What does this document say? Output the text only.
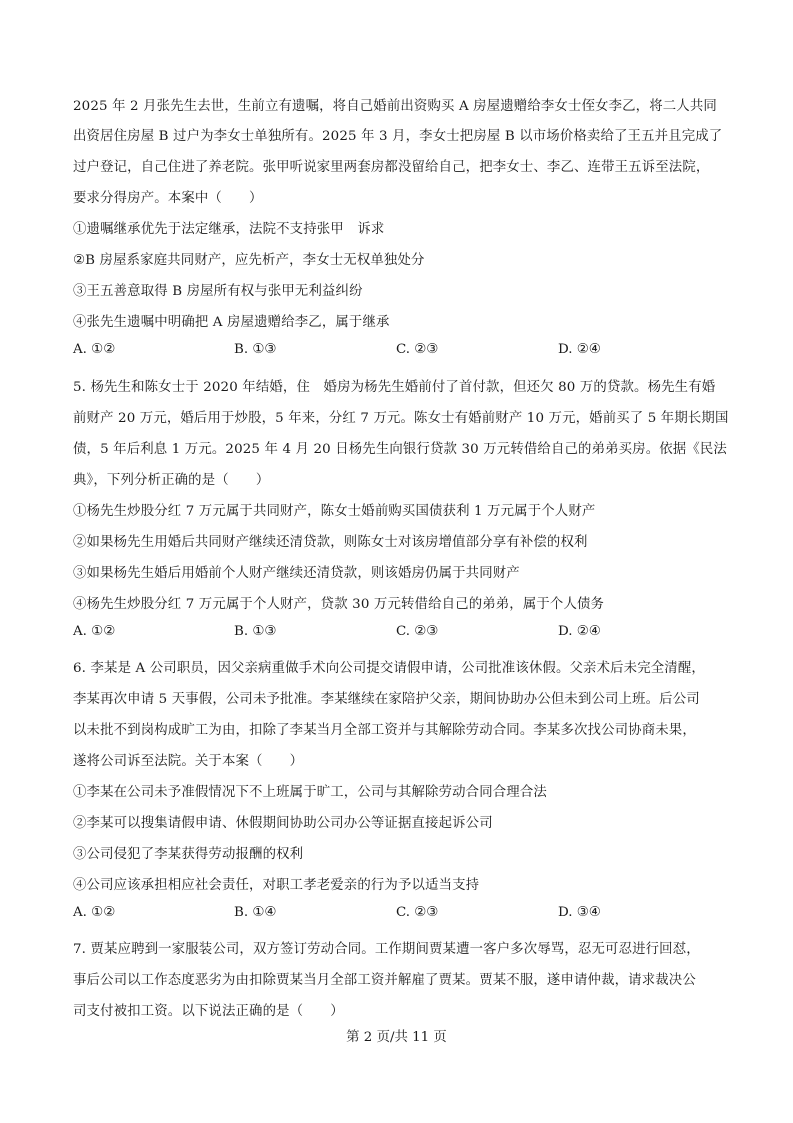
2025 年 2 月张先生去世，生前立有遗嘱，将自己婚前出资购买 A 房屋遗赠给李女士侄女李乙，将二人共同
出资居住房屋 B 过户为李女士单独所有。2025 年 3 月，李女士把房屋 B 以市场价格卖给了王五并且完成了
过户登记，自己住进了养老院。张甲听说家里两套房都没留给自己，把李女士、李乙、连带王五诉至法院，
要求分得房产。本案中（　　）
①遗嘱继承优先于法定继承，法院不支持张甲　诉求
②B 房屋系家庭共同财产，应先析产，李女士无权单独处分
③王五善意取得 B 房屋所有权与张甲无利益纠纷
④张先生遗嘱中明确把 A 房屋遗赠给李乙，属于继承
A. ①②	B. ①③	C. ②③	D. ②④
5. 杨先生和陈女士于 2020 年结婚，住　婚房为杨先生婚前付了首付款，但还欠 80 万的贷款。杨先生有婚
前财产 20 万元，婚后用于炒股，5 年来，分红 7 万元。陈女士有婚前财产 10 万元，婚前买了 5 年期长期国
债，5 年后利息 1 万元。2025 年 4 月 20 日杨先生向银行贷款 30 万元转借给自己的弟弟买房。依据《民法
典》，下列分析正确的是（　　）
①杨先生炒股分红 7 万元属于共同财产，陈女士婚前购买国债获利 1 万元属于个人财产
②如果杨先生用婚后共同财产继续还清贷款，则陈女士对该房增值部分享有补偿的权利
③如果杨先生婚后用婚前个人财产继续还清贷款，则该婚房仍属于共同财产
④杨先生炒股分红 7 万元属于个人财产，贷款 30 万元转借给自己的弟弟，属于个人债务
A. ①②	B. ①③	C. ②③	D. ②④
6. 李某是 A 公司职员，因父亲病重做手术向公司提交请假申请，公司批准该休假。父亲术后未完全清醒，
李某再次申请 5 天事假，公司未予批准。李某继续在家陪护父亲，期间协助办公但未到公司上班。后公司
以未批不到岗构成旷工为由，扣除了李某当月全部工资并与其解除劳动合同。李某多次找公司协商未果，
遂将公司诉至法院。关于本案（　　）
①李某在公司未予准假情况下不上班属于旷工，公司与其解除劳动合同合理合法
②李某可以搜集请假申请、休假期间协助公司办公等证据直接起诉公司
③公司侵犯了李某获得劳动报酬的权利
④公司应该承担相应社会责任，对职工孝老爱亲的行为予以适当支持
A. ①②	B. ①④	C. ②③	D. ③④
7. 贾某应聘到一家服装公司，双方签订劳动合同。工作期间贾某遭一客户多次辱骂，忍无可忍进行回怼，
事后公司以工作态度恶劣为由扣除贾某当月全部工资并解雇了贾某。贾某不服，遂申请仲裁，请求裁决公
司支付被扣工资。以下说法正确的是（　　）
第 2 页/共 11 页
